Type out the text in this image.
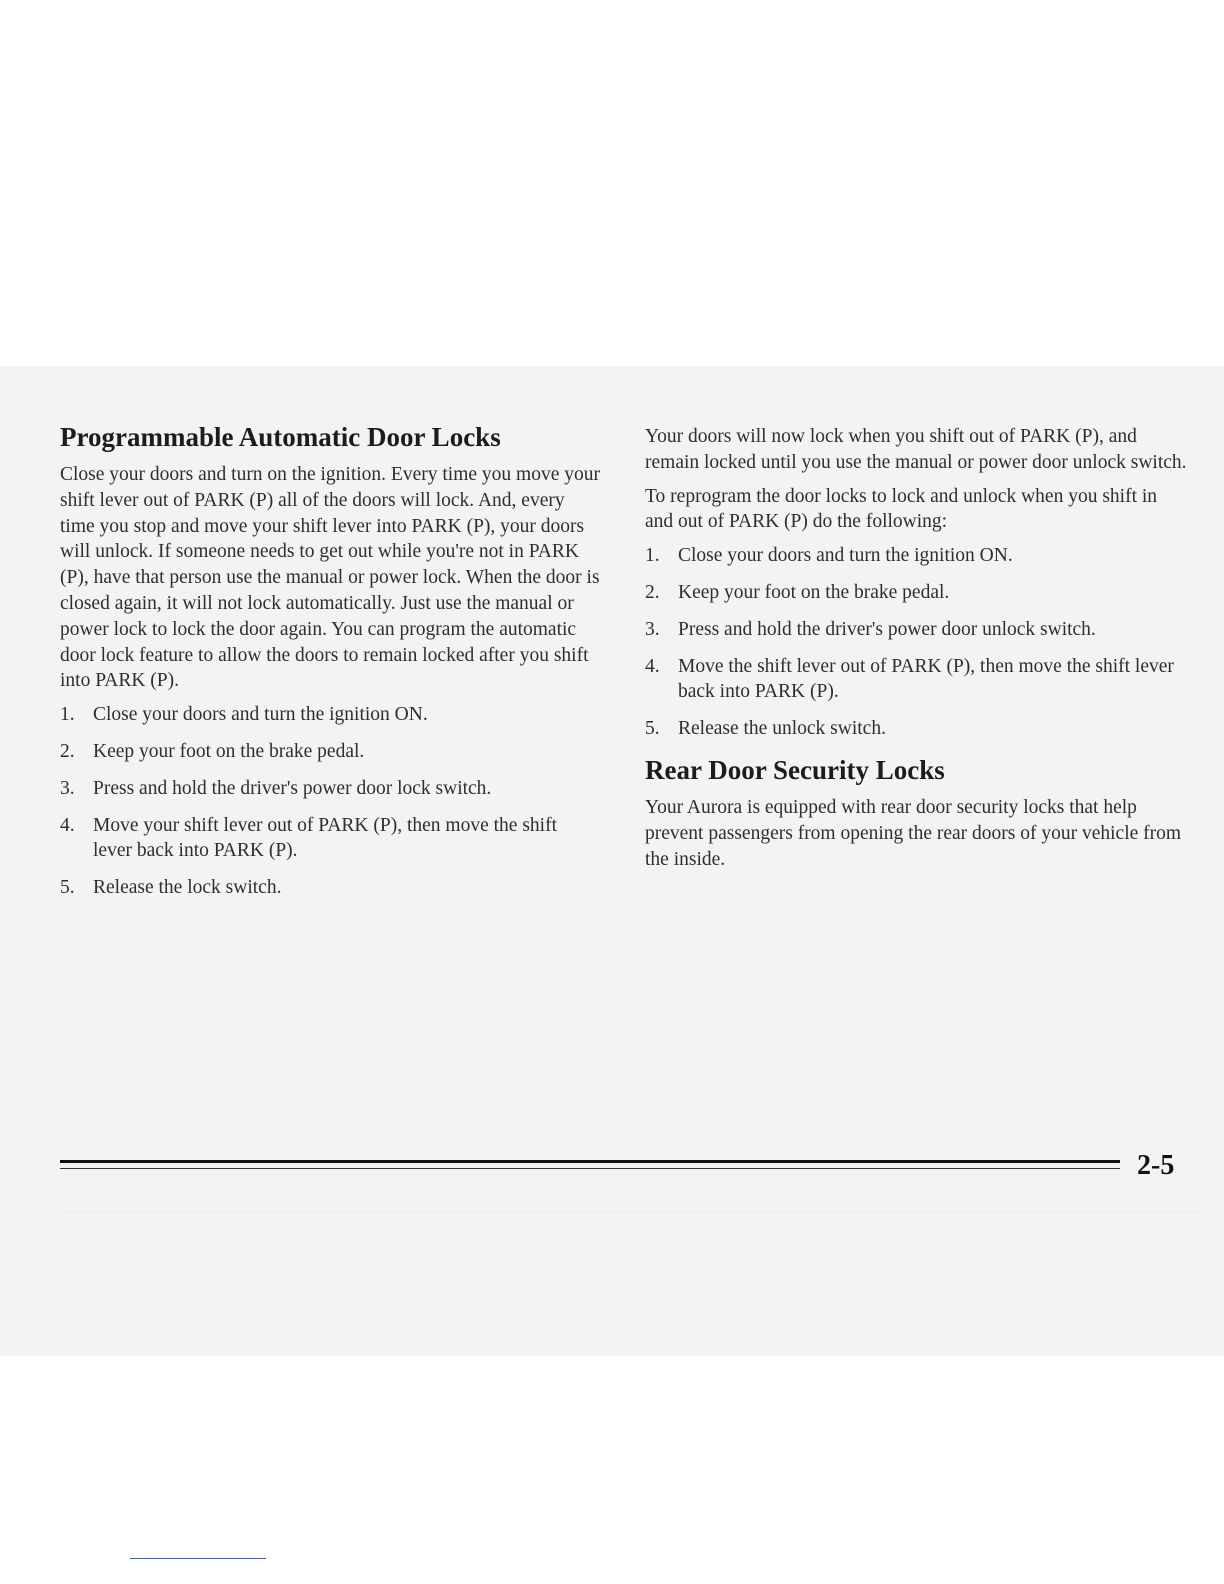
Programmable Automatic Door Locks

Close your doors and turn on the ignition. Every time you move your shift lever out of PARK (P) all of the doors will lock. And, every time you stop and move your shift lever into PARK (P), your doors will unlock. If someone needs to get out while you're not in PARK (P), have that person use the manual or power lock. When the door is closed again, it will not lock automatically. Just use the manual or power lock to lock the door again. You can program the automatic door lock feature to allow the doors to remain locked after you shift into PARK (P).

1. Close your doors and turn the ignition ON.
2. Keep your foot on the brake pedal.
3. Press and hold the driver's power door lock switch.
4. Move your shift lever out of PARK (P), then move the shift lever back into PARK (P).
5. Release the lock switch.

Your doors will now lock when you shift out of PARK (P), and remain locked until you use the manual or power door unlock switch.

To reprogram the door locks to lock and unlock when you shift in and out of PARK (P) do the following:

1. Close your doors and turn the ignition ON.
2. Keep your foot on the brake pedal.
3. Press and hold the driver's power door unlock switch.
4. Move the shift lever out of PARK (P), then move the shift lever back into PARK (P).
5. Release the unlock switch.
Rear Door Security Locks

Your Aurora is equipped with rear door security locks that help prevent passengers from opening the rear doors of your vehicle from the inside.

2-5
